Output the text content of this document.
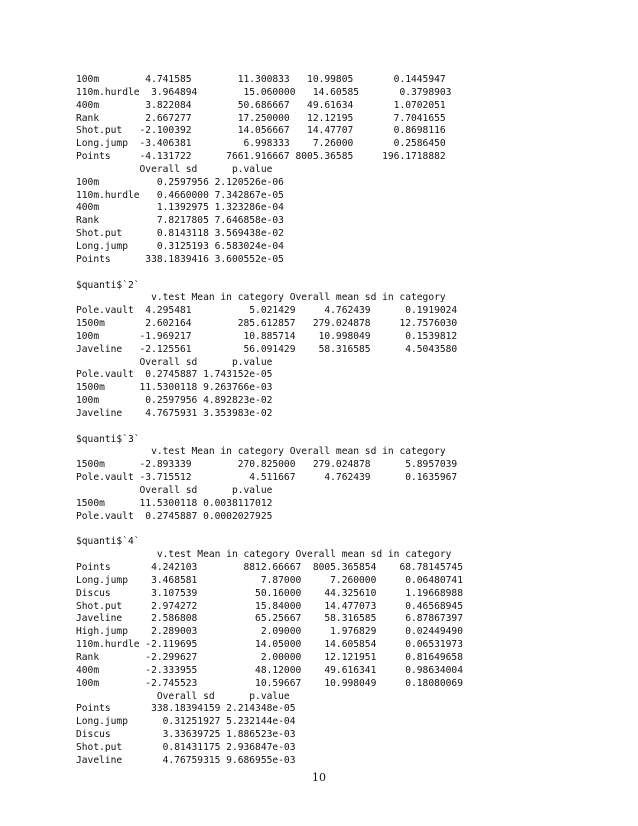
100m        4.741585        11.300833   10.99805       0.1445947
110m.hurdle  3.964894        15.060000   14.60585       0.3798903
400m        3.822084        50.686667   49.61634       1.0702051
Rank        2.667277        17.250000   12.12195       7.7041655
Shot.put   -2.100392        14.056667   14.47707       0.8698116
Long.jump  -3.406381         6.998333    7.26000       0.2586450
Points     -4.131722      7661.916667 8005.36585     196.1718882
Overall sd      p.value
100m          0.2597956 2.120526e-06
110m.hurdle   0.4660000 7.342867e-05
400m          1.1392975 1.323286e-04
Rank          7.8217805 7.646858e-03
Shot.put      0.8143118 3.569438e-02
Long.jump     0.3125193 6.583024e-04
Points      338.1839416 3.600552e-05
$quanti$`2`
v.test Mean in category Overall mean sd in category
Pole.vault  4.295481          5.021429     4.762439      0.1919024
1500m       2.602164        285.612857   279.024878     12.7576030
100m       -1.969217         10.885714    10.998049      0.1539812
Javeline   -2.125561         56.091429    58.316585      4.5043580
Overall sd      p.value
Pole.vault  0.2745887 1.743152e-05
1500m      11.5300118 9.263766e-03
100m        0.2597956 4.892823e-02
Javeline    4.7675931 3.353983e-02
$quanti$`3`
v.test Mean in category Overall mean sd in category
1500m      -2.893339        270.825000   279.024878      5.8957039
Pole.vault -3.715512          4.511667     4.762439      0.1635967
Overall sd      p.value
1500m      11.5300118 0.0038117012
Pole.vault  0.2745887 0.0002027925
$quanti$`4`
v.test Mean in category Overall mean sd in category
Points       4.242103        8812.66667  8005.365854    68.78145745
Long.jump    3.468581           7.87000     7.260000     0.06480741
Discus       3.107539          50.16000    44.325610     1.19668988
Shot.put     2.974272          15.84000    14.477073     0.46568945
Javeline     2.586808          65.25667    58.316585     6.87867397
High.jump    2.289003           2.09000     1.976829     0.02449490
110m.hurdle -2.119695          14.05000    14.605854     0.06531973
Rank        -2.299627           2.00000    12.121951     0.81649658
400m        -2.333955          48.12000    49.616341     0.98634004
100m        -2.745523          10.59667    10.998049     0.18080069
Overall sd      p.value
Points       338.18394159 2.214348e-05
Long.jump      0.31251927 5.232144e-04
Discus         3.33639725 1.886523e-03
Shot.put       0.81431175 2.936847e-03
Javeline       4.76759315 9.686955e-03
10
